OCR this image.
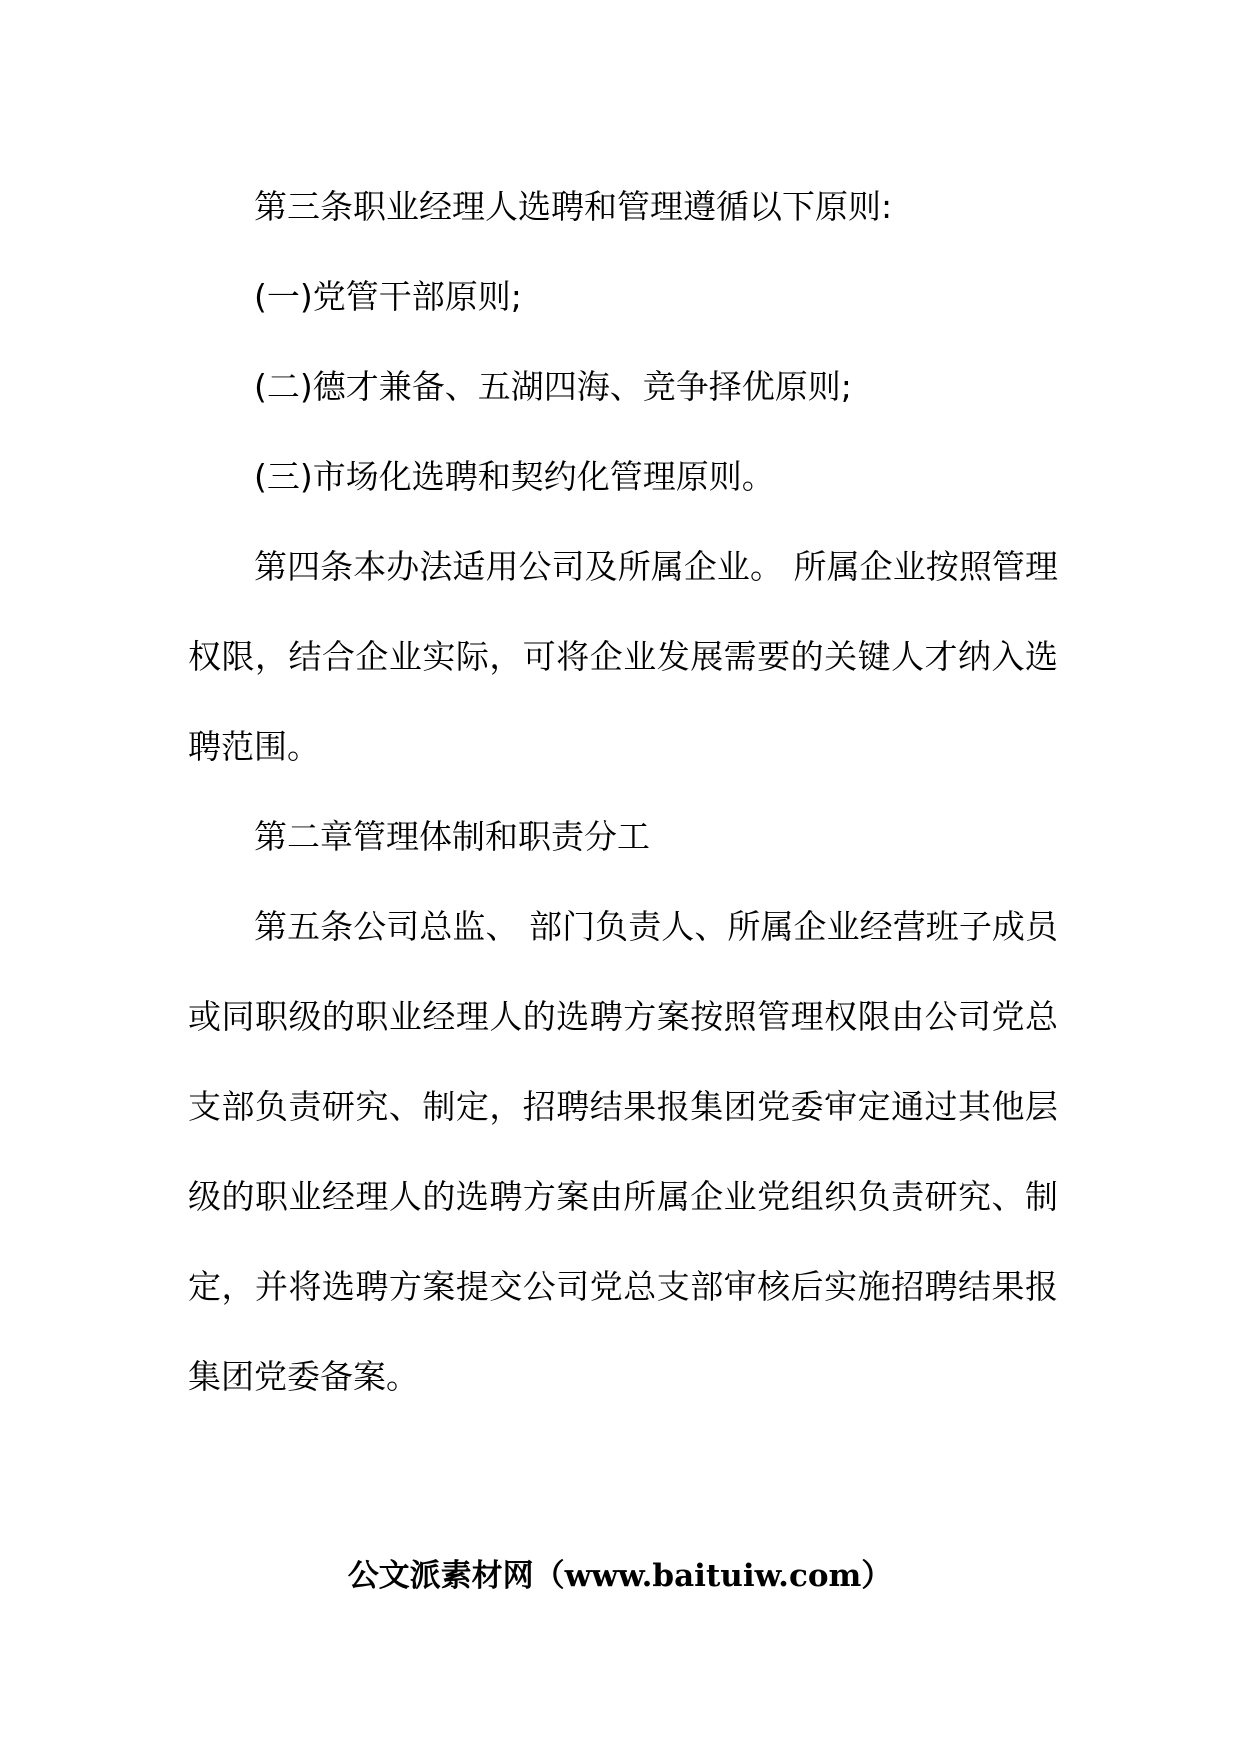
第三条职业经理人选聘和管理遵循以下原则:

(一)党管干部原则;

(二)德才兼备、五湖四海、竞争择优原则;

(三)市场化选聘和契约化管理原则。

第四条本办法适用公司及所属企业。 所属企业按照管理权限，结合企业实际，可将企业发展需要的关键人才纳入选聘范围。

第二章管理体制和职责分工

第五条公司总监、 部门负责人、所属企业经营班子成员或同职级的职业经理人的选聘方案按照管理权限由公司党总支部负责研究、制定，招聘结果报集团党委审定通过其他层级的职业经理人的选聘方案由所属企业党组织负责研究、制定，并将选聘方案提交公司党总支部审核后实施招聘结果报集团党委备案。

公文派素材网（www.baituiw.com）
